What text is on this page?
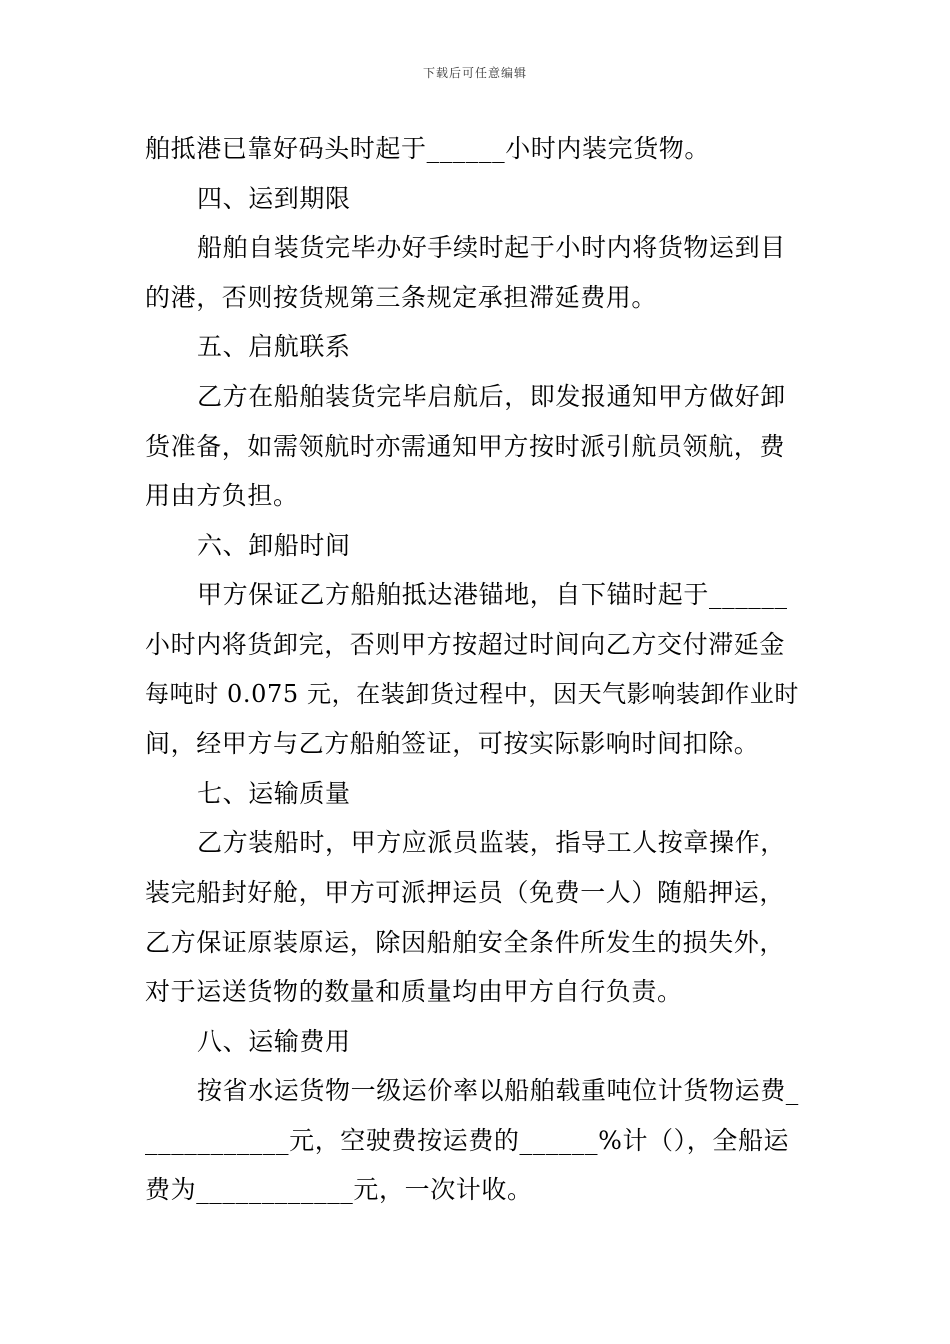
下载后可任意编辑
舶抵港已靠好码头时起于______小时内装完货物。
四、运到期限
船舶自装货完毕办好手续时起于小时内将货物运到目
的港，否则按货规第三条规定承担滞延费用。
五、启航联系
乙方在船舶装货完毕启航后，即发报通知甲方做好卸
货准备，如需领航时亦需通知甲方按时派引航员领航，费
用由方负担。
六、卸船时间
甲方保证乙方船舶抵达港锚地，自下锚时起于______
小时内将货卸完，否则甲方按超过时间向乙方交付滞延金
每吨时 0.075 元，在装卸货过程中，因天气影响装卸作业时
间，经甲方与乙方船舶签证，可按实际影响时间扣除。
七、运输质量
乙方装船时，甲方应派员监装，指导工人按章操作，
装完船封好舱，甲方可派押运员（免费一人）随船押运，
乙方保证原装原运，除因船舶安全条件所发生的损失外，
对于运送货物的数量和质量均由甲方自行负责。
八、运输费用
按省水运货物一级运价率以船舶载重吨位计货物运费_
___________元，空驶费按运费的______%计（），全船运
费为____________元，一次计收。
